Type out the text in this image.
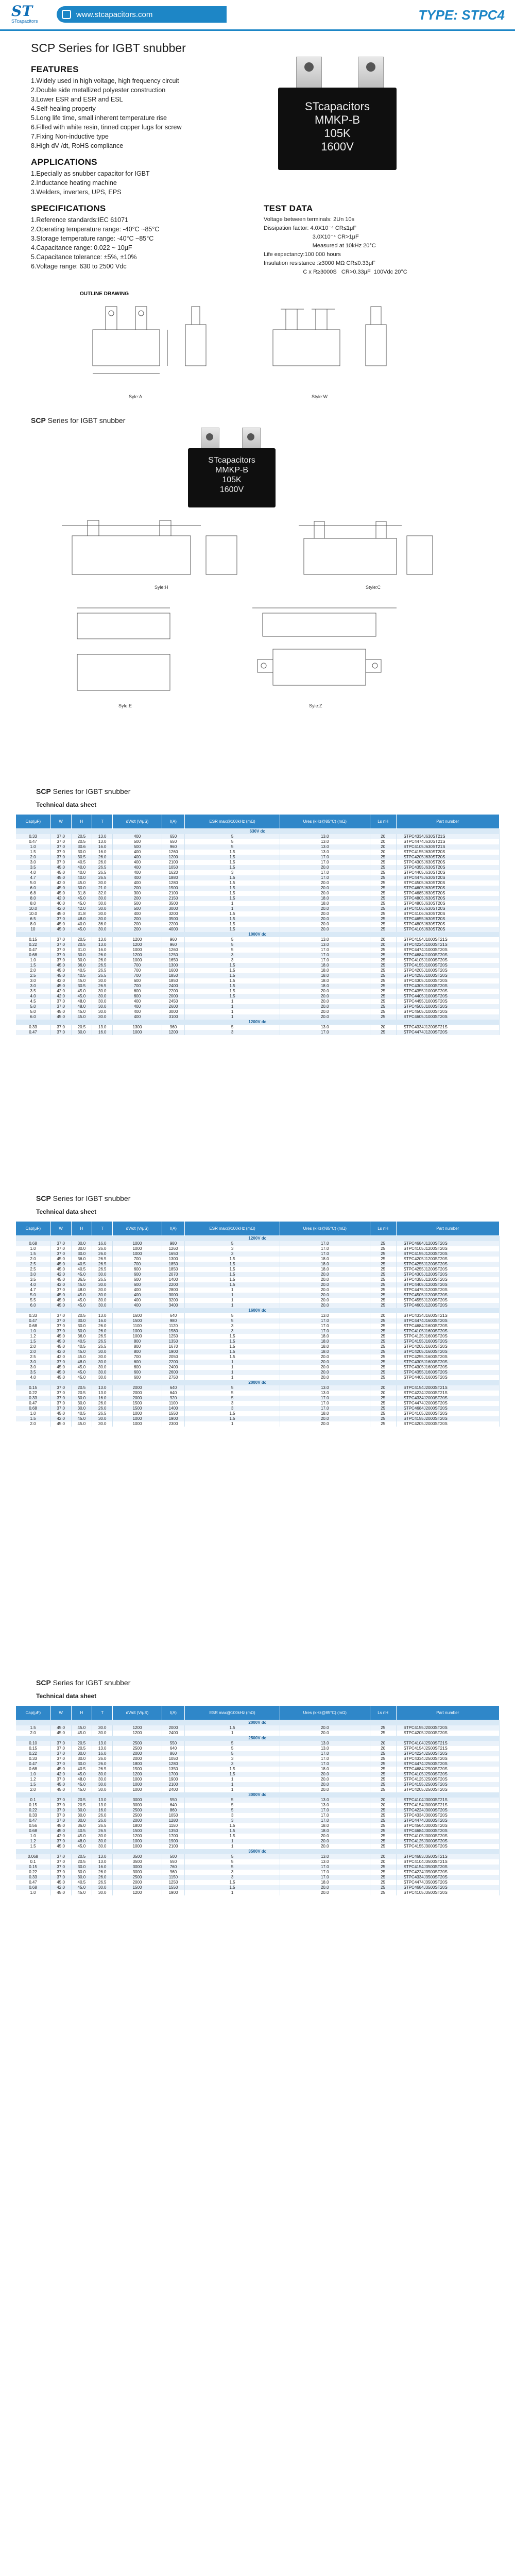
ST
STcapacitors
www.stcapacitors.com	TYPE: STPC4
SCP Series for IGBT snubber
FEATURES
1.Widely used in high voltage, high frequency circuit
2.Double side metallized polyester construction
3.Lower ESR and ESR and ESL
4.Self-healing property
5.Long life time, small inherent temperature rise
6.Filled with white resin, tinned copper lugs for screw
7.Fixing Non-inductive type
8.High dV /dt, RoHS compliance
APPLICATIONS
1.Epecially as snubber capacitor for IGBT
2.Inductance heating machine
3.Welders, inverters, UPS, EPS
STcapacitors
MMKP-B
105K
1600V
SPECIFICATIONS
1.Reference standards:IEC 61071
2.Operating temperature range: -40°C ~85°C
3.Storage temperature range: -40°C ~85°C
4.Capacitance range: 0.022 ~ 10μF
5.Capacitance tolerance: ±5%, ±10%
6.Voltage range: 630 to 2500 Vdc
TEST DATA
Voltage between terminals: 2Un 10s
Dissipation factor: 4.0X10⁻⁴ CR≤1μF
3.0X10⁻⁴ CR>1μF
Measured at 10kHz 20°C
Life expectancy:100 000 hours
Insulation resistance :≥3000 MΩ CR≤0.33μF
C x R≥3000S   CR>0.33μF  100Vdc 20°C
OUTLINE DRAWING
Syle:A	Style:W
SCP Series for IGBT snubber
STcapacitors
MMKP-B
105K
1600V
Syle:H	Style:C
Syle:E	Syle:Z
SCP Series for IGBT snubber
Technical data sheet
Cap(μF)	W	H	T	dV/dt (V/μS)	I(A)	ESR max@100kHz (mΩ)	Ures (kHz@85°C) (mΩ)	Ls nH	Part number
630V dc									
0.33	37.0	20.5	13.0	400	650	5	13.0	20	STPC4334J630ST21S
0.47	37.0	20.5	13.0	500	650	5	13.0	20	STPC4474J630ST21S
1.0	37.0	30.6	16.0	500	960	5	13.0	20	STPC4105J630ST21S
1.5	37.0	30.0	16.0	400	1260	1.5	13.0	20	STPC4155J630ST20S
2.0	37.0	30.5	26.0	400	1200	1.5	17.0	25	STPC4205J630ST20S
3.0	37.0	40.5	26.0	400	2100	1.5	17.0	25	STPC4305J630ST20S
3.5	45.0	40.0	26.5	400	1050	1.5	20.0	25	STPC4355J630ST20S
4.0	45.0	40.0	26.5	400	1620	3	17.0	25	STPC4405J630ST20S
4.7	45.0	40.0	26.5	400	1880	1.5	17.0	25	STPC4475J630ST20S
5.0	42.0	45.0	30.0	400	1280	1.5	20.0	25	STPC4505J630ST20S
6.0	45.0	30.0	21.0	200	1500	1.5	20.0	25	STPC4605J630ST20S
6.8	45.0	31.8	32.0	300	2100	1.5	20.0	25	STPC4685J630ST20S
8.0	42.0	45.0	30.0	200	2150	1.5	18.0	25	STPC4805J630ST20S
8.0	40.0	45.0	30.0	500	3500	1	18.0	25	STPC4805J630ST20S
10.0	42.0	42.0	30.0	500	3000	1	20.0	25	STPC4106J630ST20S
10.0	45.0	31.8	30.0	400	3200	1.5	20.0	25	STPC4106J630ST20S
6.5	37.0	48.0	30.0	200	3500	1.5	20.0	25	STPC4655J630ST20S
8.0	45.0	40.0	36.0	200	2200	1.5	20.0	25	STPC4805J630ST20S
10	45.0	45.0	30.0	200	4000	1.5	20.0	25	STPC4106J630ST20S
1000V dc									
0.15	37.0	20.5	13.0	1200	960	5	13.0	20	STPC4154J1000ST21S
0.22	37.0	20.5	13.0	1200	960	5	13.0	20	STPC4224J1000ST21S
0.47	37.0	31.0	16.0	1000	1260	5	17.0	25	STPC4474J1000ST20S
0.68	37.0	30.0	26.0	1200	1250	3	17.0	25	STPC4684J1000ST20S
1.0	37.0	30.0	26.0	1000	1650	3	17.0	25	STPC4105J1000ST20S
1.5	45.0	36.0	26.5	700	1300	1.5	18.0	25	STPC4155J1000ST20S
2.0	45.0	40.5	26.5	700	1600	1.5	18.0	25	STPC4205J1000ST20S
2.5	45.0	40.5	26.5	700	1850	1.5	18.0	25	STPC4255J1000ST20S
3.0	42.0	45.0	30.0	600	1850	1.5	18.0	25	STPC4305J1000ST20S
3.0	45.0	30.5	26.5	700	2400	1.5	18.0	25	STPC4305J1000ST20S
3.5	42.0	45.0	30.0	600	2200	1.5	20.0	25	STPC4355J1000ST20S
4.0	42.0	45.0	30.0	600	2000	1.5	20.0	25	STPC4405J1000ST20S
4.5	37.0	48.0	30.0	400	2450	1	20.0	25	STPC4455J1000ST20S
5.0	37.0	48.0	30.0	400	2600	1	20.0	25	STPC4505J1000ST20S
5.0	45.0	45.0	30.0	400	3000	1	20.0	25	STPC4505J1000ST20S
6.0	45.0	45.0	30.0	400	3100	1	20.0	25	STPC4605J1000ST20S
1200V dc									
0.33	37.0	20.5	13.0	1300	960	5	13.0	20	STPC4334J1200ST21S
0.47	37.0	30.0	16.0	1000	1200	3	17.0	25	STPC4474J1200ST20S
SCP Series for IGBT snubber
Technical data sheet
Cap(μF)	W	H	T	dV/dt (V/μS)	I(A)	ESR max@100kHz (mΩ)	Ures (kHz@85°C) (mΩ)	Ls nH	Part number
1200V dc									
0.68	37.0	30.0	16.0	1000	980	5	17.0	25	STPC4684J1200ST20S
1.0	37.0	30.0	26.0	1000	1260	3	17.0	25	STPC4105J1200ST20S
1.5	37.0	30.0	26.0	1000	1650	3	17.0	25	STPC4155J1200ST20S
2.0	45.0	36.0	26.5	700	1300	1.5	18.0	25	STPC4205J1200ST20S
2.5	45.0	40.5	26.5	700	1850	1.5	18.0	25	STPC4255J1200ST20S
2.5	45.0	40.5	26.5	600	1850	1.5	18.0	25	STPC4255J1200ST20S
3.0	42.0	45.0	30.0	600	2070	1.5	20.0	25	STPC4305J1200ST20S
3.5	45.0	36.5	26.5	600	1400	1.5	20.0	25	STPC4355J1200ST20S
4.0	42.0	45.0	30.0	600	2200	1.5	20.0	25	STPC4405J1200ST20S
4.7	37.0	48.0	30.0	400	2800	1	20.0	25	STPC4475J1200ST20S
5.0	45.0	45.0	30.0	400	3000	1	20.0	25	STPC4505J1200ST20S
5.5	45.0	45.0	30.0	400	3200	1	20.0	25	STPC4555J1200ST20S
6.0	45.0	45.0	30.0	400	3400	1	20.0	25	STPC4605J1200ST20S
1600V dc									
0.33	37.0	20.5	13.0	1600	640	5	13.0	20	STPC4334J1600ST21S
0.47	37.0	30.0	16.0	1500	980	5	17.0	25	STPC4474J1600ST20S
0.68	37.0	30.0	26.0	1100	1120	3	17.0	25	STPC4684J1600ST20S
1.0	37.0	30.0	26.0	1000	1580	3	17.0	25	STPC4105J1600ST20S
1.2	45.0	36.0	26.5	1000	1250	1.5	18.0	25	STPC4125J1600ST20S
1.5	45.0	40.5	26.5	800	1350	1.5	18.0	25	STPC4155J1600ST20S
2.0	45.0	40.5	26.5	800	1670	1.5	18.0	25	STPC4205J1600ST20S
2.0	42.0	45.0	30.0	800	1900	1.5	18.0	25	STPC4205J1600ST20S
2.5	42.0	45.0	30.0	700	2050	1.5	20.0	25	STPC4255J1600ST20S
3.0	37.0	48.0	30.0	600	2200	1	20.0	25	STPC4305J1600ST20S
3.0	45.0	45.0	30.0	600	2400	1	20.0	25	STPC4305J1600ST20S
3.5	45.0	45.0	30.0	600	2600	1	20.0	25	STPC4355J1600ST20S
4.0	45.0	45.0	30.0	600	2750	1	20.0	25	STPC4405J1600ST20S
2000V dc									
0.15	37.0	20.5	13.0	2000	640	5	13.0	20	STPC4154J2000ST21S
0.22	37.0	20.5	13.0	2000	640	5	13.0	20	STPC4224J2000ST21S
0.33	37.0	30.0	16.0	2000	920	5	17.0	25	STPC4334J2000ST20S
0.47	37.0	30.0	26.0	1500	1100	3	17.0	25	STPC4474J2000ST20S
0.68	37.0	30.0	26.0	1500	1400	3	17.0	25	STPC4684J2000ST20S
1.0	45.0	40.5	26.5	1000	1550	1.5	18.0	25	STPC4105J2000ST20S
1.5	42.0	45.0	30.0	1000	1900	1.5	20.0	25	STPC4155J2000ST20S
2.0	45.0	45.0	30.0	1000	2300	1	20.0	25	STPC4205J2000ST20S
SCP Series for IGBT snubber
Technical data sheet
Cap(μF)	W	H	T	dV/dt (V/μS)	I(A)	ESR max@100kHz (mΩ)	Ures (kHz@85°C) (mΩ)	Ls nH	Part number
2000V dc									
1.5	45.0	45.0	30.0	1200	2000	1.5	20.0	25	STPC4155J2000ST20S
2.0	45.0	45.0	30.0	1200	2400	1	20.0	25	STPC4205J2000ST20S
2500V dc									
0.10	37.0	20.5	13.0	2500	550	5	13.0	20	STPC4104J2500ST21S
0.15	37.0	20.5	13.0	2500	640	5	13.0	20	STPC4154J2500ST21S
0.22	37.0	30.0	16.0	2000	860	5	17.0	25	STPC4224J2500ST20S
0.33	37.0	30.0	26.0	2000	1050	3	17.0	25	STPC4334J2500ST20S
0.47	37.0	30.0	26.0	1800	1280	3	17.0	25	STPC4474J2500ST20S
0.68	45.0	40.5	26.5	1500	1350	1.5	18.0	25	STPC4684J2500ST20S
1.0	42.0	45.0	30.0	1200	1700	1.5	20.0	25	STPC4105J2500ST20S
1.2	37.0	48.0	30.0	1000	1900	1	20.0	25	STPC4125J2500ST20S
1.5	45.0	45.0	30.0	1000	2100	1	20.0	25	STPC4155J2500ST20S
2.0	45.0	45.0	30.0	1000	2400	1	20.0	25	STPC4205J2500ST20S
3000V dc									
0.1	37.0	20.5	13.0	3000	550	5	13.0	20	STPC4104J3000ST21S
0.15	37.0	20.5	13.0	3000	640	5	13.0	20	STPC4154J3000ST21S
0.22	37.0	30.0	16.0	2500	860	5	17.0	25	STPC4224J3000ST20S
0.33	37.0	30.0	26.0	2500	1050	3	17.0	25	STPC4334J3000ST20S
0.47	37.0	30.0	26.0	2000	1280	3	17.0	25	STPC4474J3000ST20S
0.56	45.0	36.0	26.5	1800	1150	1.5	18.0	25	STPC4564J3000ST20S
0.68	45.0	40.5	26.5	1500	1350	1.5	18.0	25	STPC4684J3000ST20S
1.0	42.0	45.0	30.0	1200	1700	1.5	20.0	25	STPC4105J3000ST20S
1.2	37.0	48.0	30.0	1000	1900	1	20.0	25	STPC4125J3000ST20S
1.5	45.0	45.0	30.0	1000	2100	1	20.0	25	STPC4155J3000ST20S
3500V dc									
0.068	37.0	20.5	13.0	3500	500	5	13.0	20	STPC4683J3500ST21S
0.1	37.0	20.5	13.0	3500	550	5	13.0	20	STPC4104J3500ST21S
0.15	37.0	30.0	16.0	3000	760	5	17.0	25	STPC4154J3500ST20S
0.22	37.0	30.0	26.0	3000	960	3	17.0	25	STPC4224J3500ST20S
0.33	37.0	30.0	26.0	2500	1150	3	17.0	25	STPC4334J3500ST20S
0.47	45.0	40.5	26.5	2000	1250	1.5	18.0	25	STPC4474J3500ST20S
0.68	42.0	45.0	30.0	1500	1550	1.5	20.0	25	STPC4684J3500ST20S
1.0	45.0	45.0	30.0	1200	1900	1	20.0	25	STPC4105J3500ST20S
